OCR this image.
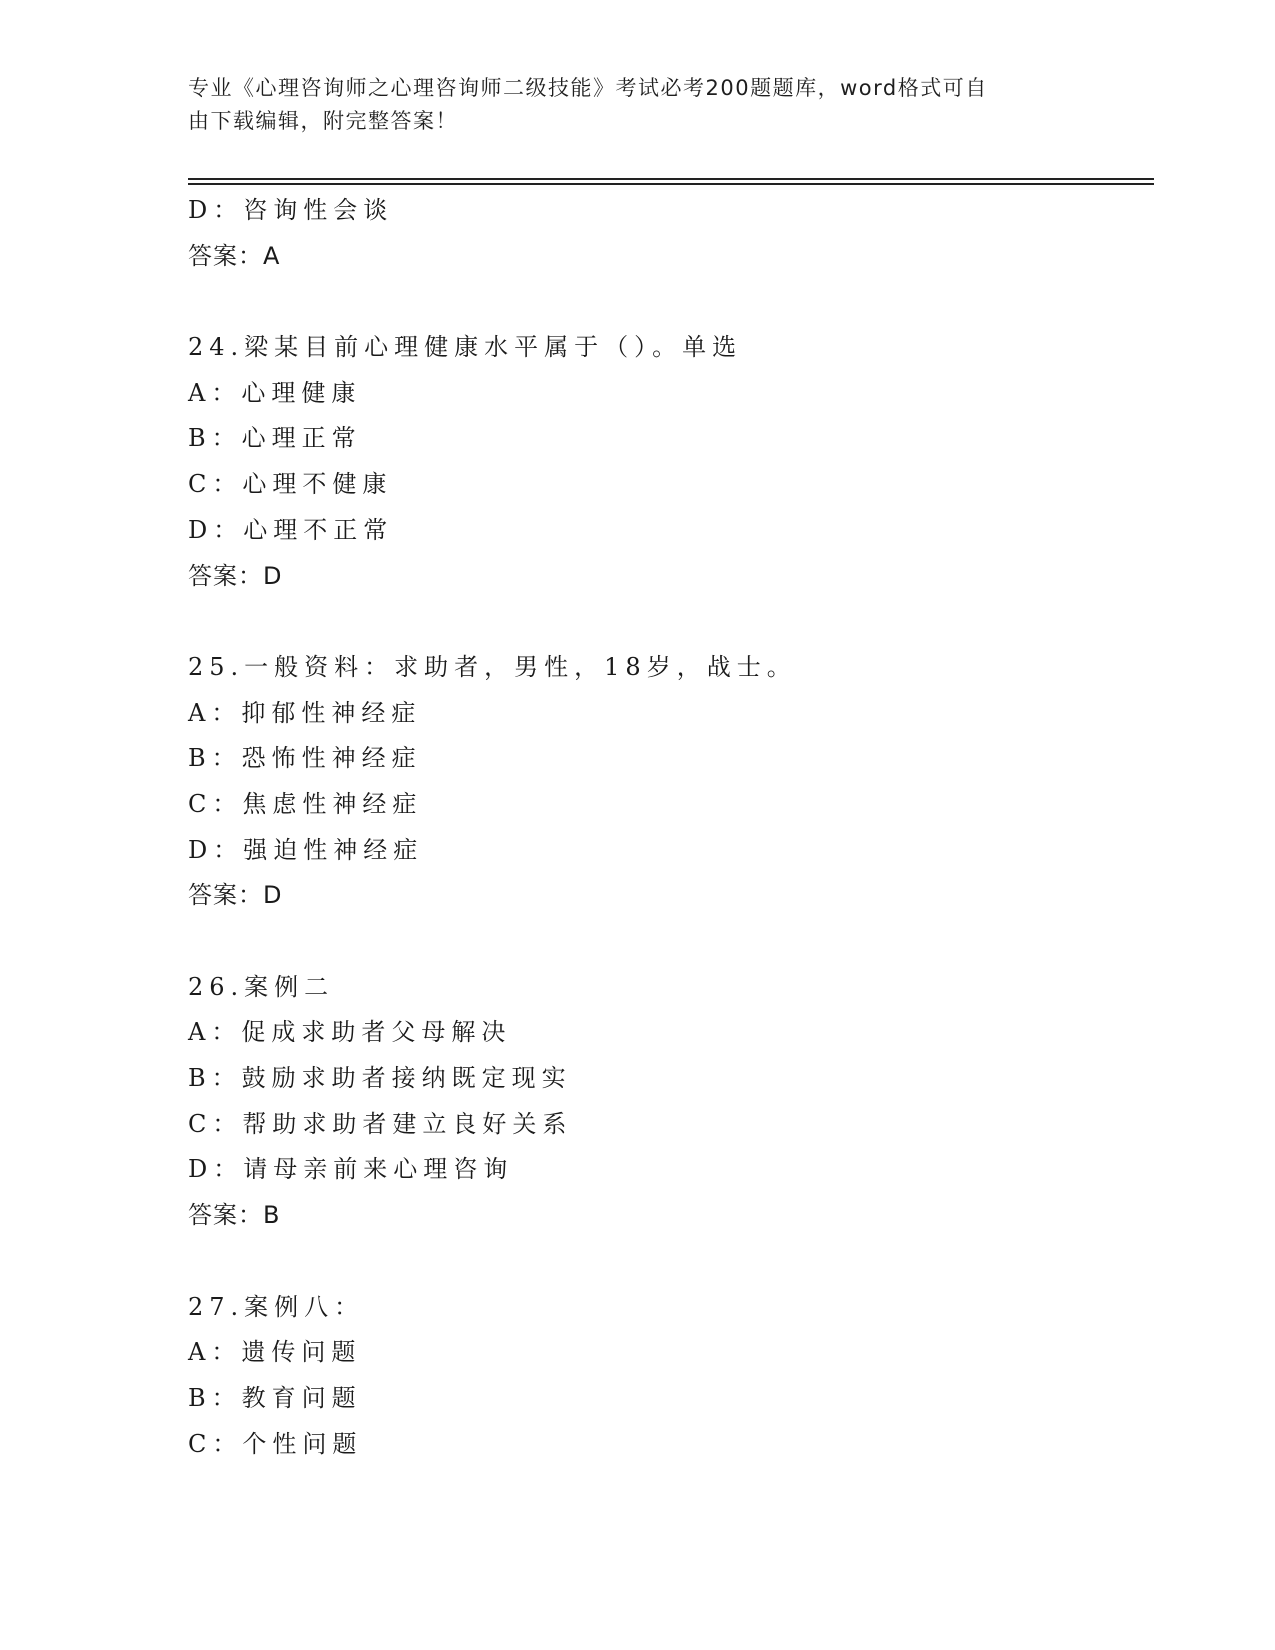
专业《心理咨询师之心理咨询师二级技能》考试必考200题题库，word格式可自
由下载编辑，附完整答案！
D：咨询性会谈
答案：A
24.梁某目前心理健康水平属于（）。单选
A：心理健康
B：心理正常
C：心理不健康
D：心理不正常
答案：D
25.一般资料：求助者，男性，18岁，战士。
A：抑郁性神经症
B：恐怖性神经症
C：焦虑性神经症
D：强迫性神经症
答案：D
26.案例二
A：促成求助者父母解决
B：鼓励求助者接纳既定现实
C：帮助求助者建立良好关系
D：请母亲前来心理咨询
答案：B
27.案例八：
A：遗传问题
B：教育问题
C：个性问题
